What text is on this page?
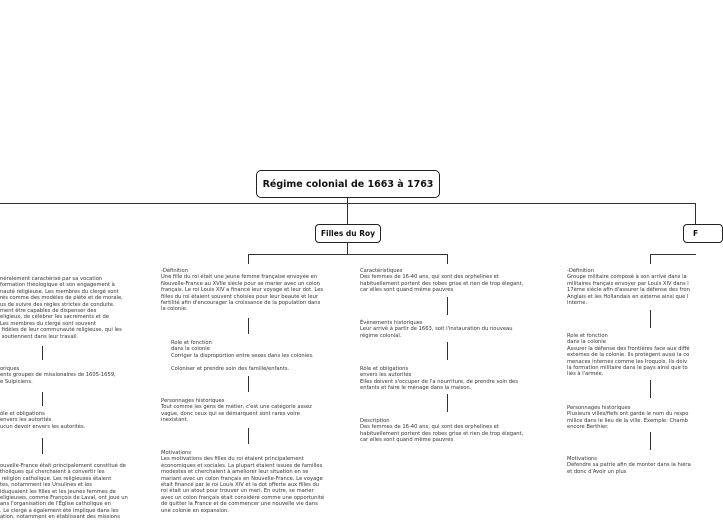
Régime colonial de 1663 à 1763
Filles du Roy	F

néralement caractérisé par sa vocation
formation théologique et son engagement à
nauté religieuse. Les membres du clergé sont
rés comme des modèles de piété et de morale,
us de suivre des règles strictes de conduite.
ment être capables de dispenser des
eligieux, de célébrer les sacrements et de
Les membres du clergé sont souvent
fidèles de leur communauté religieuse, qui les
soutiennent dans leur travail.

oriques
ents groupes de missionaires de 1605-1659,
e Sulpiciens.

ôle et obligations
envers les autorités
ucun devoir envers les autorités.

ouvelle-France était principalement constitué de
tholiques qui cherchaient à convertir les
religion catholique. Les religieuses étaient
tes, notamment les Ursulines et les
iduquaient les filles et les jeunes femmes de
eligieuses, comme François de Laval, ont joué un
ans l'organisation de l'Église catholique en
. Le clergé a également été impliqué dans les
ation, notamment en établissant des missions

-Définition
Une fille du roi était une jeune femme française envoyée en
Nouvelle-France au XVIIe siècle pour se marier avec un colon
français. Le roi Louis XIV a financé leur voyage et leur dot. Les
filles du roi étaient souvent choisies pour leur beauté et leur
fertilité afin d'encourager la croissance de la population dans
la colonie.

Role et fonction
dans la colonie
Corriger la disproportion entre sexes dans les colonies.

Coloniser et prendre soin des famille/enfants.

Personnages historiques
Tout comme les gens de métier, c'est une catégorie assez
vague, donc ceux qui se démarquent sont rares voire
inexistant.

Motivations
Les motivations des filles du roi étaient principalement
économiques et sociales. La plupart étaient issues de familles
modestes et cherchaient à améliorer leur situation en se
mariant avec un colon français en Nouvelle-France. Le voyage
était financé par le roi Louis XIV et la dot offerte aux filles du
roi était un atout pour trouver un mari. En outre, se marier
avec un colon français était considéré comme une opportunité
de quitter la France et de commencer une nouvelle vie dans
une colonie en expansion.

Caractéristiques
Des femmes de 16-40 ans, qui sont des orphelines et
habituellement portent des robes grise et rien de trop élegant,
car elles sont quand même pauvres

Évènements historiques
Leur arrivé à partir de 1663, soit l'instauration du nouveau
régime colonial.

Rôle et obligations
envers les autorités
Elles doivent s'occuper de l'a nourriture, de prendre soin des
enfants et faire le ménage dans la maison.

Description
Des femmes de 16-40 ans, qui sont des orphelines et
habituellement portent des robes grise et rien de trop élegant,
car elles sont quand même pauvres

-Définition
Groupe militaire composé à son arrivé dans la
militaires français envoyer par Louis XIV dans l
17ème siècle afin d'assurer la défense des fron
Anglais et les Hollandais en externe ainsi que l
interne.

Role et fonction
dans la colonie
Assurer la défense des frontières face aux diffé
externes de la colonie. Ils protègent aussi la co
menaces internes comme les Iroquois. Ils doiv
la formation militaire dans le pays ainsi que to
liés à l'armée.

Personnages historiques
Plusieurs villes/fiefs ont gardé le nom du respo
milice dans le lieu de la ville. Exemple: Chamb
encore Berthier.

Motivations
Défendre sa patrie afin de monter dans la hiéra
et donc d'Avoir un plus
